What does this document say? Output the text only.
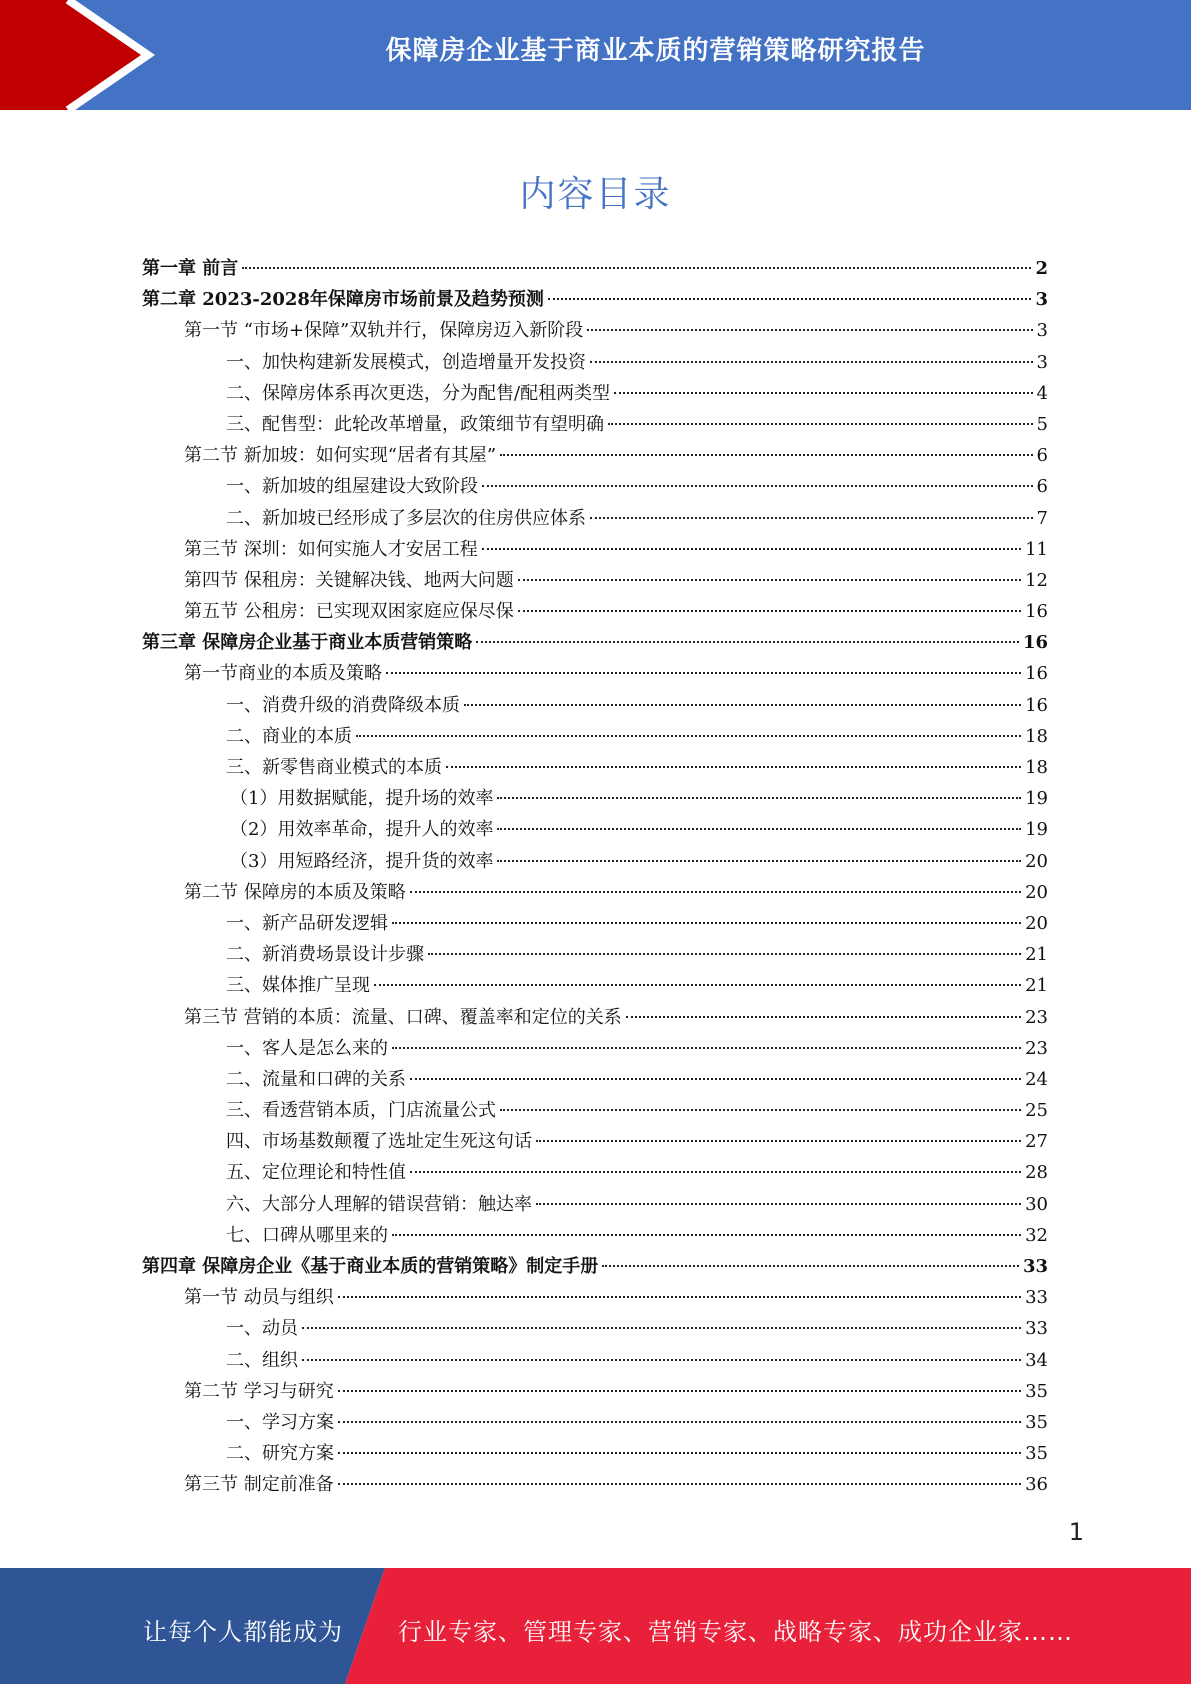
保障房企业基于商业本质的营销策略研究报告
内容目录
第一章 前言	2
第二章 2023-2028年保障房市场前景及趋势预测	3
第一节 “市场+保障”双轨并行，保障房迈入新阶段	3
一、加快构建新发展模式，创造增量开发投资	3
二、保障房体系再次更迭，分为配售/配租两类型	4
三、配售型：此轮改革增量，政策细节有望明确	5
第二节 新加坡：如何实现“居者有其屋”	6
一、新加坡的组屋建设大致阶段	6
二、新加坡已经形成了多层次的住房供应体系	7
第三节 深圳：如何实施人才安居工程	11
第四节 保租房：关键解决钱、地两大问题	12
第五节 公租房：已实现双困家庭应保尽保	16
第三章 保障房企业基于商业本质营销策略	16
第一节商业的本质及策略	16
一、消费升级的消费降级本质	16
二、商业的本质	18
三、新零售商业模式的本质	18
（1）用数据赋能，提升场的效率	19
（2）用效率革命，提升人的效率	19
（3）用短路经济，提升货的效率	20
第二节 保障房的本质及策略	20
一、新产品研发逻辑	20
二、新消费场景设计步骤	21
三、媒体推广呈现	21
第三节 营销的本质：流量、口碑、覆盖率和定位的关系	23
一、客人是怎么来的	23
二、流量和口碑的关系	24
三、看透营销本质，门店流量公式	25
四、市场基数颠覆了选址定生死这句话	27
五、定位理论和特性值	28
六、大部分人理解的错误营销：触达率	30
七、口碑从哪里来的	32
第四章 保障房企业《基于商业本质的营销策略》制定手册	33
第一节 动员与组织	33
一、动员	33
二、组织	34
第二节 学习与研究	35
一、学习方案	35
二、研究方案	35
第三节 制定前准备	36
1
让每个人都能成为 行业专家、管理专家、营销专家、战略专家、成功企业家……
